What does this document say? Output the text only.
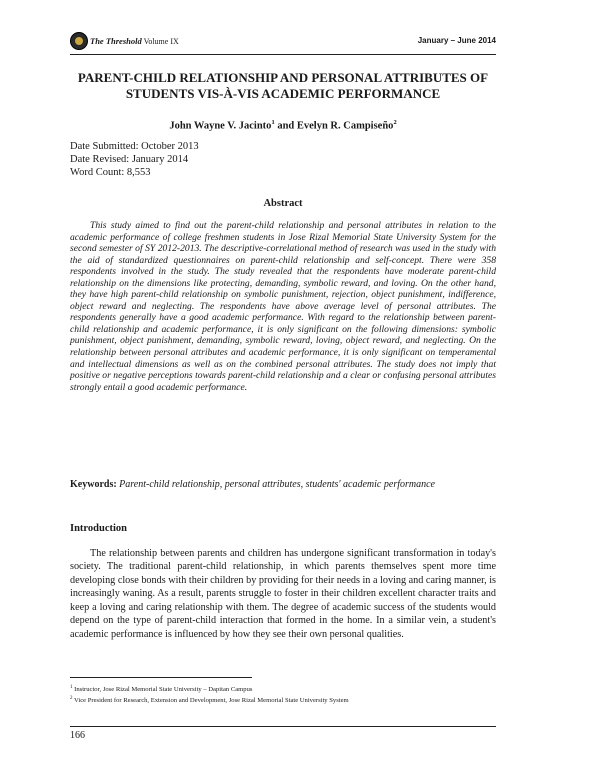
The Threshold Volume IX	January – June 2014
PARENT-CHILD RELATIONSHIP AND PERSONAL ATTRIBUTES OF STUDENTS VIS-À-VIS ACADEMIC PERFORMANCE
John Wayne V. Jacinto$^1$ and Evelyn R. Campiseño$^2$
Date Submitted: October 2013
Date Revised: January 2014
Word Count: 8,553
Abstract

This study aimed to find out the parent-child relationship and personal attributes in relation to the academic performance of college freshmen students in Jose Rizal Memorial State University System for the second semester of SY 2012-2013. The descriptive-correlational method of research was used in the study with the aid of standardized questionnaires on parent-child relationship and self-concept. There were 358 respondents involved in the study. The study revealed that the respondents have moderate parent-child relationship on the dimensions like protecting, demanding, symbolic reward, and loving. On the other hand, they have high parent-child relationship on symbolic punishment, rejection, object punishment, indifference, object reward and neglecting. The respondents have above average level of personal attributes. The respondents generally have a good academic performance. With regard to the relationship between parent-child relationship and academic performance, it is only significant on the following dimensions: symbolic punishment, object punishment, demanding, symbolic reward, loving, object reward, and neglecting. On the relationship between personal attributes and academic performance, it is only significant on temperamental and intellectual dimensions as well as on the combined personal attributes. The study does not imply that positive or negative perceptions towards parent-child relationship and a clear or confusing personal attributes strongly entail a good academic performance.

Keywords: Parent-child relationship, personal attributes, students' academic performance

Introduction

The relationship between parents and children has undergone significant transformation in today's society. The traditional parent-child relationship, in which parents themselves spent more time developing close bonds with their children by providing for their needs in a loving and caring manner, is increasingly waning. As a result, parents struggle to foster in their children excellent character traits and keep a loving and caring relationship with them. The degree of academic success of the students would depend on the type of parent-child interaction that formed in the home. In a similar vein, a student's academic performance is influenced by how they see their own personal qualities.

$^1$ Instructor, Jose Rizal Memorial State University – Dapitan Campus
$^2$ Vice President for Research, Extension and Development, Jose Rizal Memorial State University System
166
